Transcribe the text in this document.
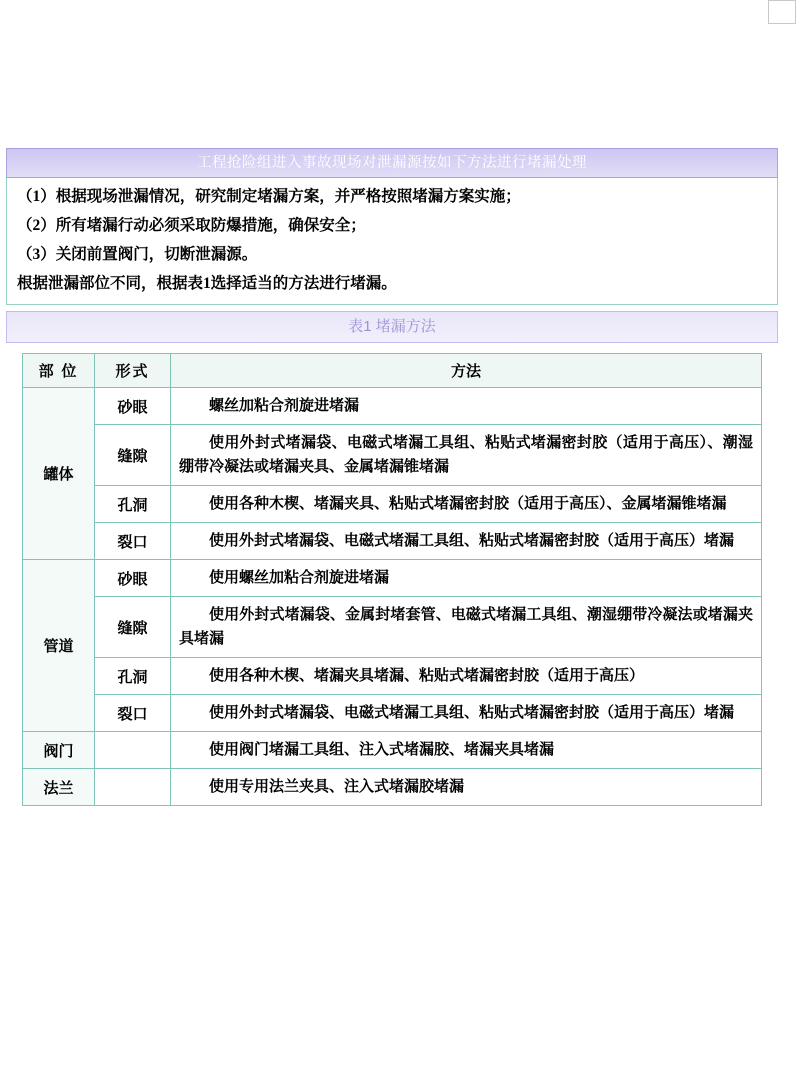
工程抢险组进入事故现场对泄漏源按如下方法进行堵漏处理

（1）根据现场泄漏情况，研究制定堵漏方案，并严格按照堵漏方案实施；

（2）所有堵漏行动必须采取防爆措施，确保安全；

（3）关闭前置阀门，切断泄漏源。

根据泄漏部位不同，根据表1选择适当的方法进行堵漏。

表1 堵漏方法
部 位	形式	方法
罐体	砂眼	螺丝加粘合剂旋进堵漏
	缝隙	使用外封式堵漏袋、电磁式堵漏工具组、粘贴式堵漏密封胶（适用于高压）、潮湿绷带冷凝法或堵漏夹具、金属堵漏锥堵漏
	孔洞	使用各种木楔、堵漏夹具、粘贴式堵漏密封胶（适用于高压）、金属堵漏锥堵漏
	裂口	使用外封式堵漏袋、电磁式堵漏工具组、粘贴式堵漏密封胶（适用于高压）堵漏
管道	砂眼	使用螺丝加粘合剂旋进堵漏
	缝隙	使用外封式堵漏袋、金属封堵套管、电磁式堵漏工具组、潮湿绷带冷凝法或堵漏夹具堵漏
	孔洞	使用各种木楔、堵漏夹具堵漏、粘贴式堵漏密封胶（适用于高压）
	裂口	使用外封式堵漏袋、电磁式堵漏工具组、粘贴式堵漏密封胶（适用于高压）堵漏
阀门		使用阀门堵漏工具组、注入式堵漏胶、堵漏夹具堵漏
法兰		使用专用法兰夹具、注入式堵漏胶堵漏
